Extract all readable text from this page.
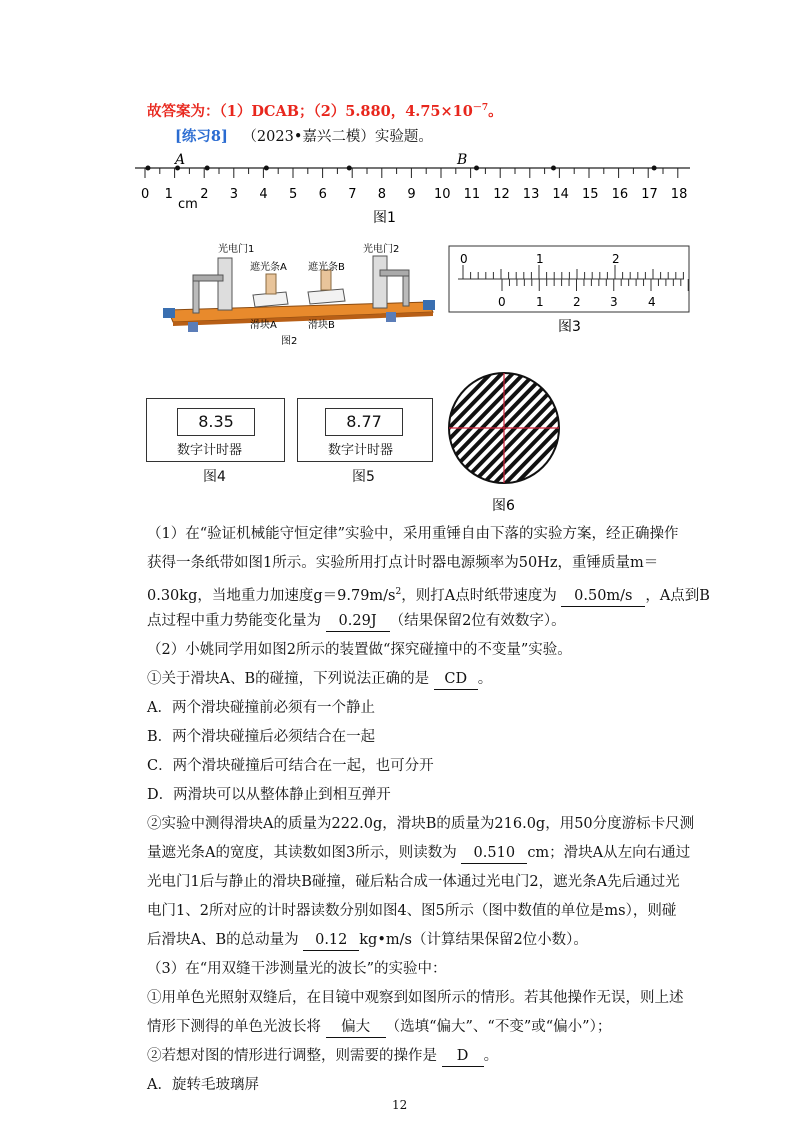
故答案为：（1）DCAB；（2）5.880，$4.75\times 10^{-7}$。
[练习8] （2023•嘉兴二模）实验题。
0	2 3 4 5 6 7 8 9 10 11 12 13 14 15 16 17 18
1
A	B
cm
图1
光电门1	光电门2
遮光条A 遮光条B
滑块A	滑块B
图2
0	1	2
0	1 2 3	4
图3
8.35
数字计时器
图4
8.77
数字计时器
图5
图6
（1）在“验证机械能守恒定律”实验中，采用重锤自由下落的实验方案，经正确操作
获得一条纸带如图1所示。实验所用打点计时器电源频率为50Hz，重锤质量m＝
0.30kg，当地重力加速度$g=9.79m/s^2$，则打A点时纸带速度为 0.50m/s ，A点到B
点过程中重力势能变化量为 0.29J （结果保留2位有效数字）。
（2）小姚同学用如图2所示的装置做“探究碰撞中的不变量”实验。
①关于滑块A、B的碰撞，下列说法正确的是 CD 。
A．两个滑块碰撞前必须有一个静止
B．两个滑块碰撞后必须结合在一起
C．两个滑块碰撞后可结合在一起，也可分开
D．两滑块可以从整体静止到相互弹开
②实验中测得滑块A的质量为222.0g，滑块B的质量为216.0g，用50分度游标卡尺测
量遮光条A的宽度，其读数如图3所示，则读数为 0.510 cm；滑块A从左向右通过
光电门1后与静止的滑块B碰撞，碰后粘合成一体通过光电门2，遮光条A先后通过光
电门1、2所对应的计时器读数分别如图4、图5所示（图中数值的单位是ms），则碰
后滑块A、B的总动量为 0.12 kg•m/s（计算结果保留2位小数）。
（3）在“用双缝干涉测量光的波长”的实验中：
①用单色光照射双缝后，在目镜中观察到如图所示的情形。若其他操作无误，则上述
情形下测得的单色光波长将 偏大 （选填“偏大”、“不变”或“偏小”）；
②若想对图的情形进行调整，则需要的操作是 D 。
A．旋转毛玻璃屏
12
